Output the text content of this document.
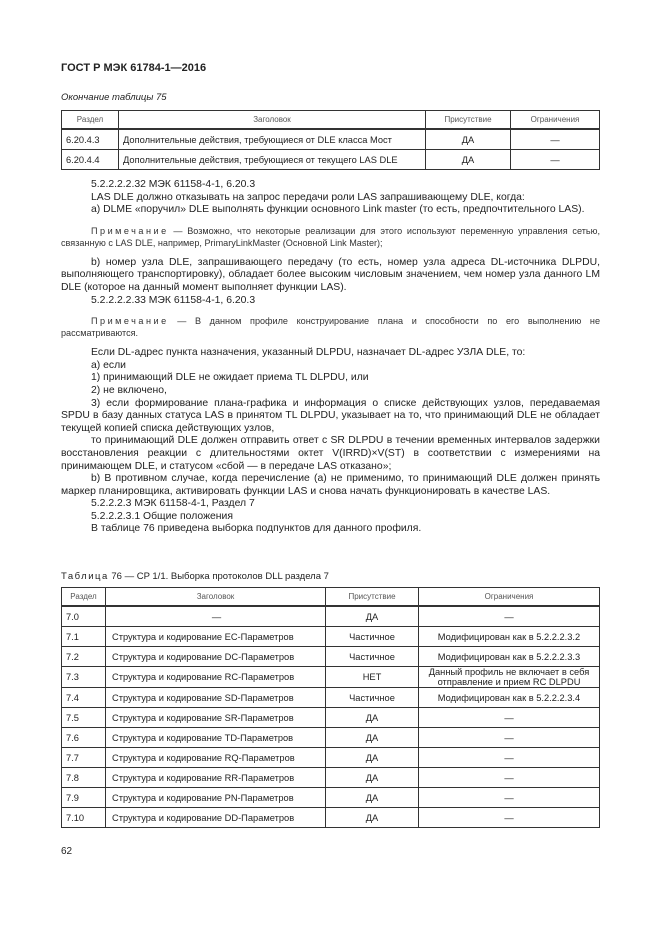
ГОСТ Р МЭК 61784-1—2016
Окончание таблицы 75
Раздел	Заголовок	Присутствие	Ограничения
6.20.4.3	Дополнительные действия, требующиеся от DLE класса Мост	ДА	—
6.20.4.4	Дополнительные действия, требующиеся от текущего LAS DLE	ДА	—

5.2.2.2.2.32 МЭК 61158-4-1, 6.20.3

LAS DLE должно отказывать на запрос передачи роли LAS запрашивающему DLE, когда:

а) DLME «поручил» DLE выполнять функции основного Link master (то есть, предпочтительного LAS).

Примечание — Возможно, что некоторые реализации для этого используют переменную управления сетью, связанную с LAS DLE, например, PrimaryLinkMaster (Основной Link Master);

b) номер узла DLE, запрашивающего передачу (то есть, номер узла адреса DL-источника DLPDU, выполняющего транспортировку), обладает более высоким числовым значением, чем номер узла данного LM DLE (которое на данный момент выполняет функции LAS).

5.2.2.2.2.33 МЭК 61158-4-1, 6.20.3

Примечание — В данном профиле конструирование плана и способности по его выполнению не рассматриваются.

Если DL-адрес пункта назначения, указанный DLPDU, назначает DL-адрес УЗЛА DLE, то:

а) если

1) принимающий DLE не ожидает приема TL DLPDU, или

2) не включено,

3) если формирование плана-графика и информация о списке действующих узлов, передаваемая SPDU в базу данных статуса LAS в принятом TL DLPDU, указывает на то, что принимающий DLE не обладает текущей копией списка действующих узлов,

то принимающий DLE должен отправить ответ с SR DLPDU в течении временных интервалов задержки восстановления реакции с длительностями октет V(IRRD)×V(ST) в соответствии с измерениями на принимающем DLE, и статусом «сбой — в передаче LAS отказано»;

b) В противном случае, когда перечисление (а) не применимо, то принимающий DLE должен принять маркер планировщика, активировать функции LAS и снова начать функционировать в качестве LAS.

5.2.2.2.3 МЭК 61158-4-1, Раздел 7

5.2.2.2.3.1 Общие положения

В таблице 76 приведена выборка подпунктов для данного профиля.

Таблица 76 — CP 1/1. Выборка протоколов DLL раздела 7
Раздел	Заголовок	Присутствие	Ограничения
7.0	—	ДА	—
7.1	Структура и кодирование EC-Параметров	Частичное	Модифицирован как в 5.2.2.2.3.2
7.2	Структура и кодирование DC-Параметров	Частичное	Модифицирован как в 5.2.2.2.3.3
7.3	Структура и кодирование RC-Параметров	НЕТ	Данный профиль не включает в себя отправление и прием RC DLPDU
7.4	Структура и кодирование SD-Параметров	Частичное	Модифицирован как в 5.2.2.2.3.4
7.5	Структура и кодирование SR-Параметров	ДА	—
7.6	Структура и кодирование TD-Параметров	ДА	—
7.7	Структура и кодирование RQ-Параметров	ДА	—
7.8	Структура и кодирование RR-Параметров	ДА	—
7.9	Структура и кодирование PN-Параметров	ДА	—
7.10	Структура и кодирование DD-Параметров	ДА	—
62
